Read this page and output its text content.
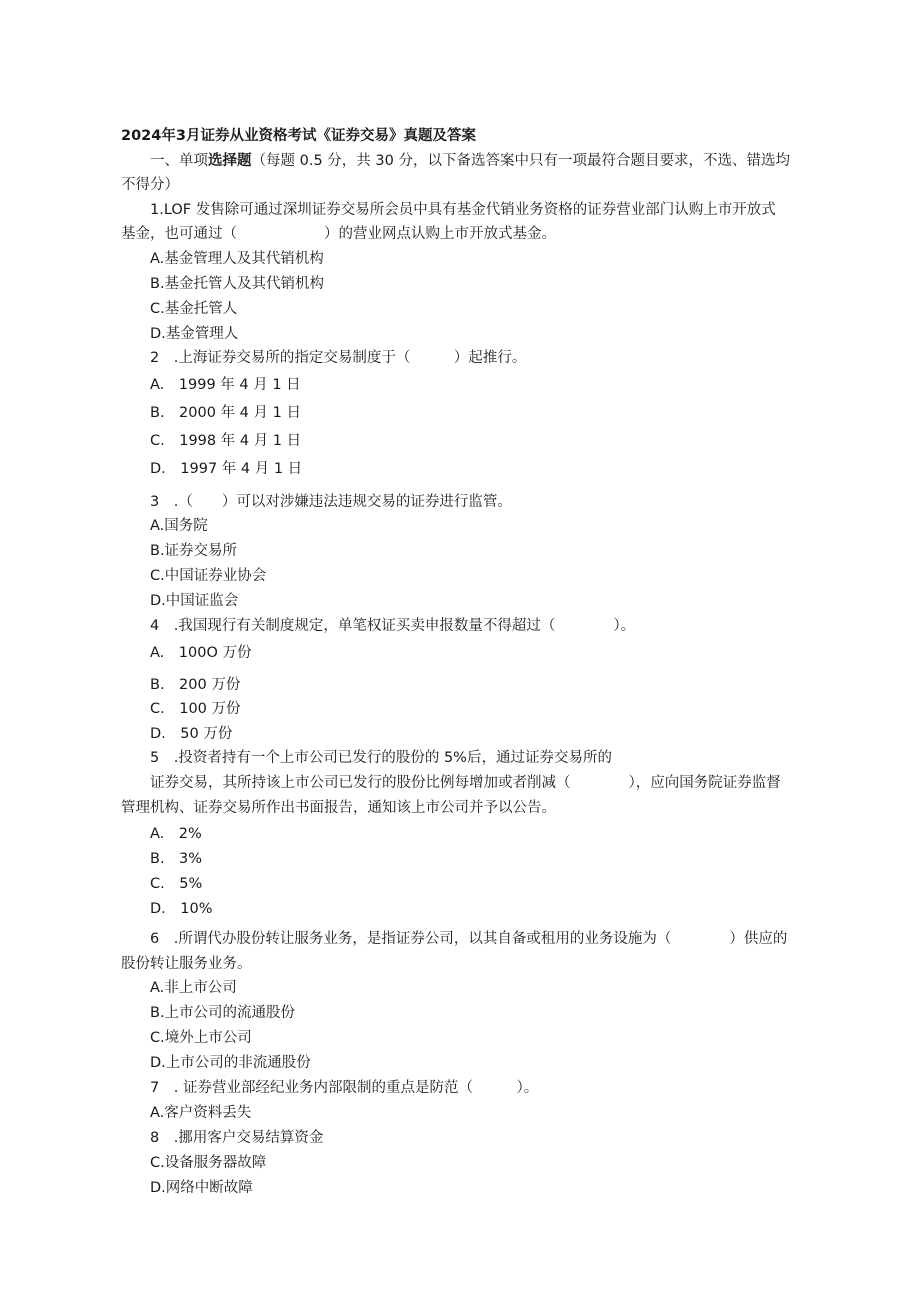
2024年3月证券从业资格考试《证券交易》真题及答案
一、单项选择题（每题 0.5 分，共 30 分，以下备选答案中只有一项最符合题目要求，不选、错选均
不得分）
1.LOF 发售除可通过深圳证券交易所会员中具有基金代销业务资格的证券营业部门认购上市开放式
基金，也可通过（　　　　　　）的营业网点认购上市开放式基金。
A.基金管理人及其代销机构
B.基金托管人及其代销机构
C.基金托管人
D.基金管理人
2　.上海证券交易所的指定交易制度于（　　　）起推行。
A.　1999 年 4 月 1 日
B.　2000 年 4 月 1 日
C.　1998 年 4 月 1 日
D.　1997 年 4 月 1 日
3　.（　　）可以对涉嫌违法违规交易的证券进行监管。
A.国务院
B.证券交易所
C.中国证券业协会
D.中国证监会
4　.我国现行有关制度规定，单笔权证买卖申报数量不得超过（　　　　）。
A.　100O 万份
B.　200 万份
C.　100 万份
D.　50 万份
5　.投资者持有一个上市公司已发行的股份的 5%后，通过证券交易所的
证券交易，其所持该上市公司已发行的股份比例每增加或者削减（　　　　），应向国务院证券监督
管理机构、证券交易所作出书面报告，通知该上市公司并予以公告。
A.　2%
B.　3%
C.　5%
D.　10%
6　.所谓代办股份转让服务业务，是指证券公司，以其自备或租用的业务设施为（　　　　）供应的
股份转让服务业务。
A.非上市公司
B.上市公司的流通股份
C.境外上市公司
D.上市公司的非流通股份
7　. 证券营业部经纪业务内部限制的重点是防范（　　　）。
A.客户资料丢失
8　.挪用客户交易结算资金
C.设备服务器故障
D.网络中断故障
